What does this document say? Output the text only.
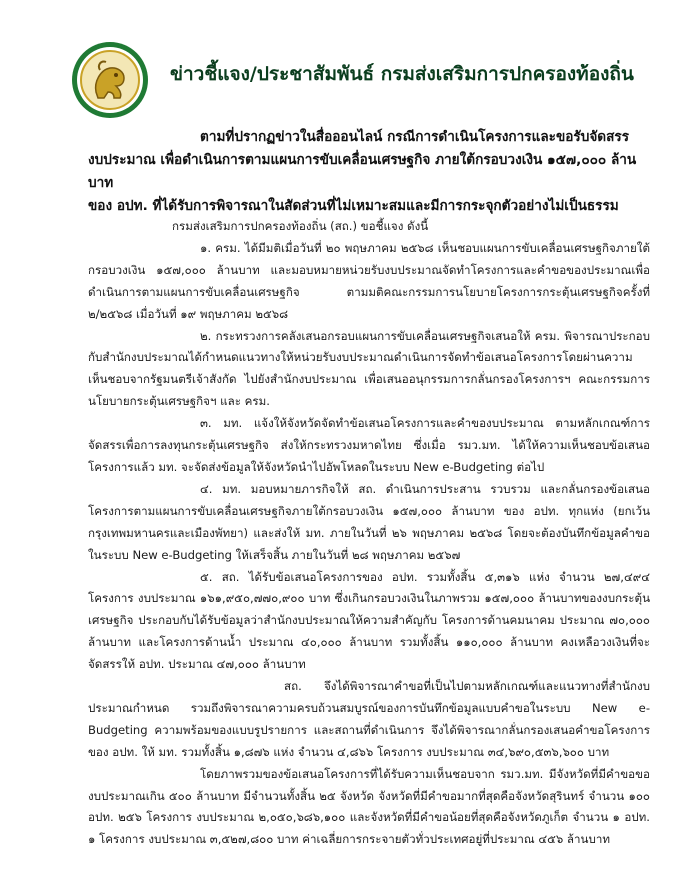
ข่าวชี้แจง/ประชาสัมพันธ์ กรมส่งเสริมการปกครองท้องถิ่น
ตามที่ปรากฏข่าวในสื่อออนไลน์ กรณีการดำเนินโครงการและขอรับจัดสรร
งบประมาณ เพื่อดำเนินการตามแผนการขับเคลื่อนเศรษฐกิจ ภายใต้กรอบวงเงิน ๑๕๗,๐๐๐ ล้านบาท
ของ อปท. ที่ได้รับการพิจารณาในสัดส่วนที่ไม่เหมาะสมและมีการกระจุกตัวอย่างไม่เป็นธรรม

กรมส่งเสริมการปกครองท้องถิ่น (สถ.) ขอชี้แจง ดังนี้

๑. ครม. ได้มีมติเมื่อวันที่ ๒๐ พฤษภาคม ๒๕๖๘ เห็นชอบแผนการขับเคลื่อนเศรษฐกิจภายใต้กรอบวงเงิน ๑๕๗,๐๐๐ ล้านบาท และมอบหมายหน่วยรับงบประมาณจัดทำโครงการและคำขอของประมาณเพื่อดำเนินการตามแผนการขับเคลื่อนเศรษฐกิจ ตามมติคณะกรรมการนโยบายโครงการกระตุ้นเศรษฐกิจครั้งที่ ๒/๒๕๖๘ เมื่อวันที่ ๑๙ พฤษภาคม ๒๕๖๘

๒. กระทรวงการคลังเสนอกรอบแผนการขับเคลื่อนเศรษฐกิจเสนอให้ ครม. พิจารณาประกอบกับสำนักงบประมาณได้กำหนดแนวทางให้หน่วยรับงบประมาณดำเนินการจัดทำข้อเสนอโครงการโดยผ่านความเห็นชอบจากรัฐมนตรีเจ้าสังกัด ไปยังสำนักงบประมาณ เพื่อเสนออนุกรรมการกลั่นกรองโครงการฯ คณะกรรมการนโยบายกระตุ้นเศรษฐกิจฯ และ ครม.

๓. มท. แจ้งให้จังหวัดจัดทำข้อเสนอโครงการและคำของบประมาณ ตามหลักเกณฑ์การจัดสรรเพื่อการลงทุนกระตุ้นเศรษฐกิจ ส่งให้กระทรวงมหาดไทย ซึ่งเมื่อ รมว.มท. ได้ให้ความเห็นชอบข้อเสนอโครงการแล้ว มท. จะจัดส่งข้อมูลให้จังหวัดนำไปอัพโหลดในระบบ New e-Budgeting ต่อไป

๔. มท. มอบหมายภารกิจให้ สถ. ดำเนินการประสาน รวบรวม และกลั่นกรองข้อเสนอโครงการตามแผนการขับเคลื่อนเศรษฐกิจภายใต้กรอบวงเงิน ๑๕๗,๐๐๐ ล้านบาท ของ อปท. ทุกแห่ง (ยกเว้นกรุงเทพมหานครและเมืองพัทยา) และส่งให้ มท. ภายในวันที่ ๒๖ พฤษภาคม ๒๕๖๘ โดยจะต้องบันทึกข้อมูลคำขอในระบบ New e-Budgeting ให้เสร็จสิ้น ภายในวันที่ ๒๘ พฤษภาคม ๒๕๖๗

๕. สถ. ได้รับข้อเสนอโครงการของ อปท. รวมทั้งสิ้น ๕,๓๑๖ แห่ง จำนวน ๒๗,๔๙๔ โครงการ งบประมาณ ๑๖๑,๙๕๐,๗๗๐,๙๐๐ บาท ซึ่งเกินกรอบวงเงินในภาพรวม ๑๕๗,๐๐๐ ล้านบาทของงบกระตุ้นเศรษฐกิจ ประกอบกับได้รับข้อมูลว่าสำนักงบประมาณให้ความสำคัญกับ โครงการด้านคมนาคม ประมาณ ๗๐,๐๐๐ ล้านบาท และโครงการด้านน้ำ ประมาณ ๔๐,๐๐๐ ล้านบาท รวมทั้งสิ้น ๑๑๐,๐๐๐ ล้านบาท คงเหลือวงเงินที่จะจัดสรรให้ อปท. ประมาณ ๔๗,๐๐๐ ล้านบาท

สถ. จึงได้พิจารณาคำขอที่เป็นไปตามหลักเกณฑ์และแนวทางที่สำนักงบประมาณกำหนด รวมถึงพิจารณาความครบถ้วนสมบูรณ์ของการบันทึกข้อมูลแบบคำขอในระบบ New e-Budgeting ความพร้อมของแบบรูปรายการ และสถานที่ดำเนินการ จึงได้พิจารณากลั่นกรองเสนอคำขอโครงการของ อปท. ให้ มท. รวมทั้งสิ้น ๑,๘๗๖ แห่ง จำนวน ๔,๘๖๖ โครงการ งบประมาณ ๓๔,๖๙๐,๕๓๖,๖๐๐ บาท

โดยภาพรวมของข้อเสนอโครงการที่ได้รับความเห็นชอบจาก รมว.มท. มีจังหวัดที่มีคำขอของบประมาณเกิน ๕๐๐ ล้านบาท มีจำนวนทั้งสิ้น ๒๕ จังหวัด จังหวัดที่มีคำขอมากที่สุดคือจังหวัดสุรินทร์ จำนวน ๑๐๐ อปท. ๒๕๖ โครงการ งบประมาณ ๒,๐๕๐,๖๘๖,๑๐๐ และจังหวัดที่มีคำขอน้อยที่สุดคือจังหวัดภูเก็ต จำนวน ๑ อปท. ๑ โครงการ งบประมาณ ๓,๕๒๗,๘๐๐ บาท ค่าเฉลี่ยการกระจายตัวทั่วประเทศอยู่ที่ประมาณ ๔๕๖ ล้านบาท
